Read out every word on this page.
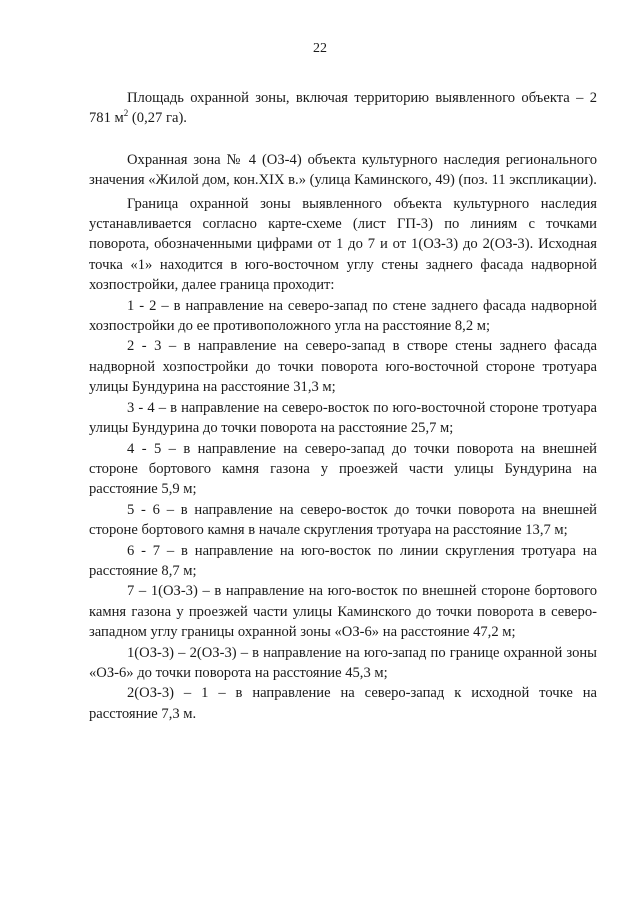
22

Площадь охранной зоны, включая территорию выявленного объекта – 2 781 $м^2$ (0,27 га).

Охранная зона № 4 (ОЗ-4) объекта культурного наследия регионального значения «Жилой дом, кон.XIX в.» (улица Каминского, 49) (поз. 11 экспликации).

Граница охранной зоны выявленного объекта культурного наследия устанавливается согласно карте-схеме (лист ГП-3) по линиям с точками поворота, обозначенными цифрами от 1 до 7 и от 1(ОЗ-3) до 2(ОЗ-3). Исходная точка «1» находится в юго-восточном углу стены заднего фасада надворной хозпостройки, далее граница проходит:

1 - 2 – в направление на северо-запад по стене заднего фасада надворной хозпостройки до ее противоположного угла на расстояние 8,2 м;

2 - 3 – в направление на северо-запад в створе стены заднего фасада надворной хозпостройки до точки поворота юго-восточной стороне тротуара улицы Бундурина на расстояние 31,3 м;

3 - 4 – в направление на северо-восток по юго-восточной стороне тротуара улицы Бундурина до точки поворота на расстояние 25,7 м;

4 - 5 – в направление на северо-запад до точки поворота на внешней стороне бортового камня газона у проезжей части улицы Бундурина на расстояние 5,9 м;

5 - 6 – в направление на северо-восток до точки поворота на внешней стороне бортового камня в начале скругления тротуара на расстояние 13,7 м;

6 - 7 – в направление на юго-восток по линии скругления тротуара на расстояние 8,7 м;

7 – 1(ОЗ-3) – в направление на юго-восток по внешней стороне бортового камня газона у проезжей части улицы Каминского до точки поворота в северо-западном углу границы охранной зоны «ОЗ-6» на расстояние 47,2 м;

1(ОЗ-3) – 2(ОЗ-3) – в направление на юго-запад по границе охранной зоны «ОЗ-6» до точки поворота на расстояние 45,3 м;

2(ОЗ-3) – 1 – в направление на северо-запад к исходной точке на расстояние 7,3 м.
